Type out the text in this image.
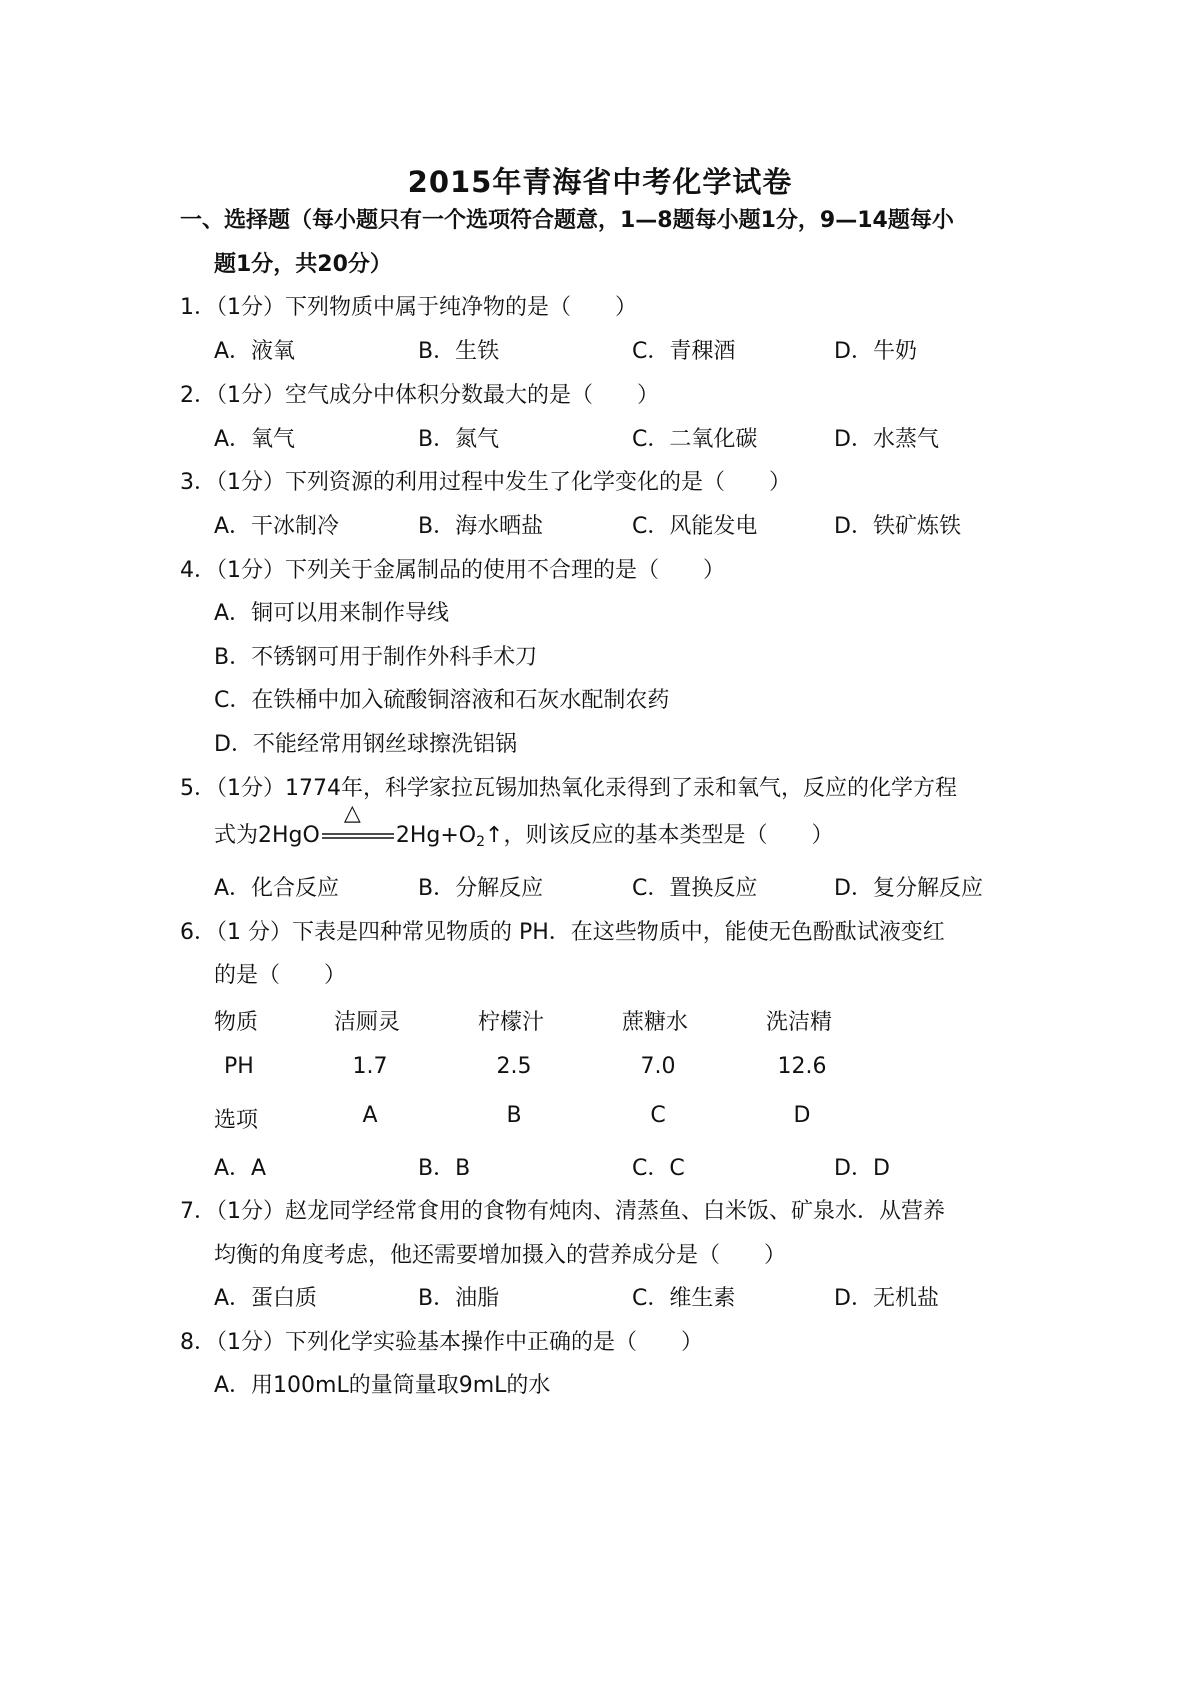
2015年青海省中考化学试卷
一、选择题（每小题只有一个选项符合题意，1—8题每小题1分，9—14题每小
题1分，共20分）
1．（1分）下列物质中属于纯净物的是（　　）
A．液氧	B．生铁	C．青稞酒	D．牛奶
2．（1分）空气成分中体积分数最大的是（　　）
A．氧气	B．氮气	C．二氧化碳	D．水蒸气
3．（1分）下列资源的利用过程中发生了化学变化的是（　　）
A．干冰制冷	B．海水晒盐	C．风能发电	D．铁矿炼铁
4．（1分）下列关于金属制品的使用不合理的是（　　）
A．铜可以用来制作导线
B．不锈钢可用于制作外科手术刀
C．在铁桶中加入硫酸铜溶液和石灰水配制农药
D．不能经常用钢丝球擦洗铝锅
5．（1分）1774年，科学家拉瓦锡加热氧化汞得到了汞和氧气，反应的化学方程
式为2HgO
△
$2Hg+O_2↑$，则该反应的基本类型是（　　）
A．化合反应	B．分解反应	C．置换反应	D．复分解反应
6．（1 分）下表是四种常见物质的 PH．在这些物质中，能使无色酚酞试液变红
的是（　　）
物质	洁厕灵	柠檬汁	蔗糖水	洗洁精
PH	1.7	2.5	7.0	12.6
选项	A	B	C	D
A．A	B．B	C．C	D．D
7．（1分）赵龙同学经常食用的食物有炖肉、清蒸鱼、白米饭、矿泉水．从营养
均衡的角度考虑，他还需要增加摄入的营养成分是（　　）
A．蛋白质	B．油脂	C．维生素	D．无机盐
8．（1分）下列化学实验基本操作中正确的是（　　）
A．用100mL的量筒量取9mL的水
